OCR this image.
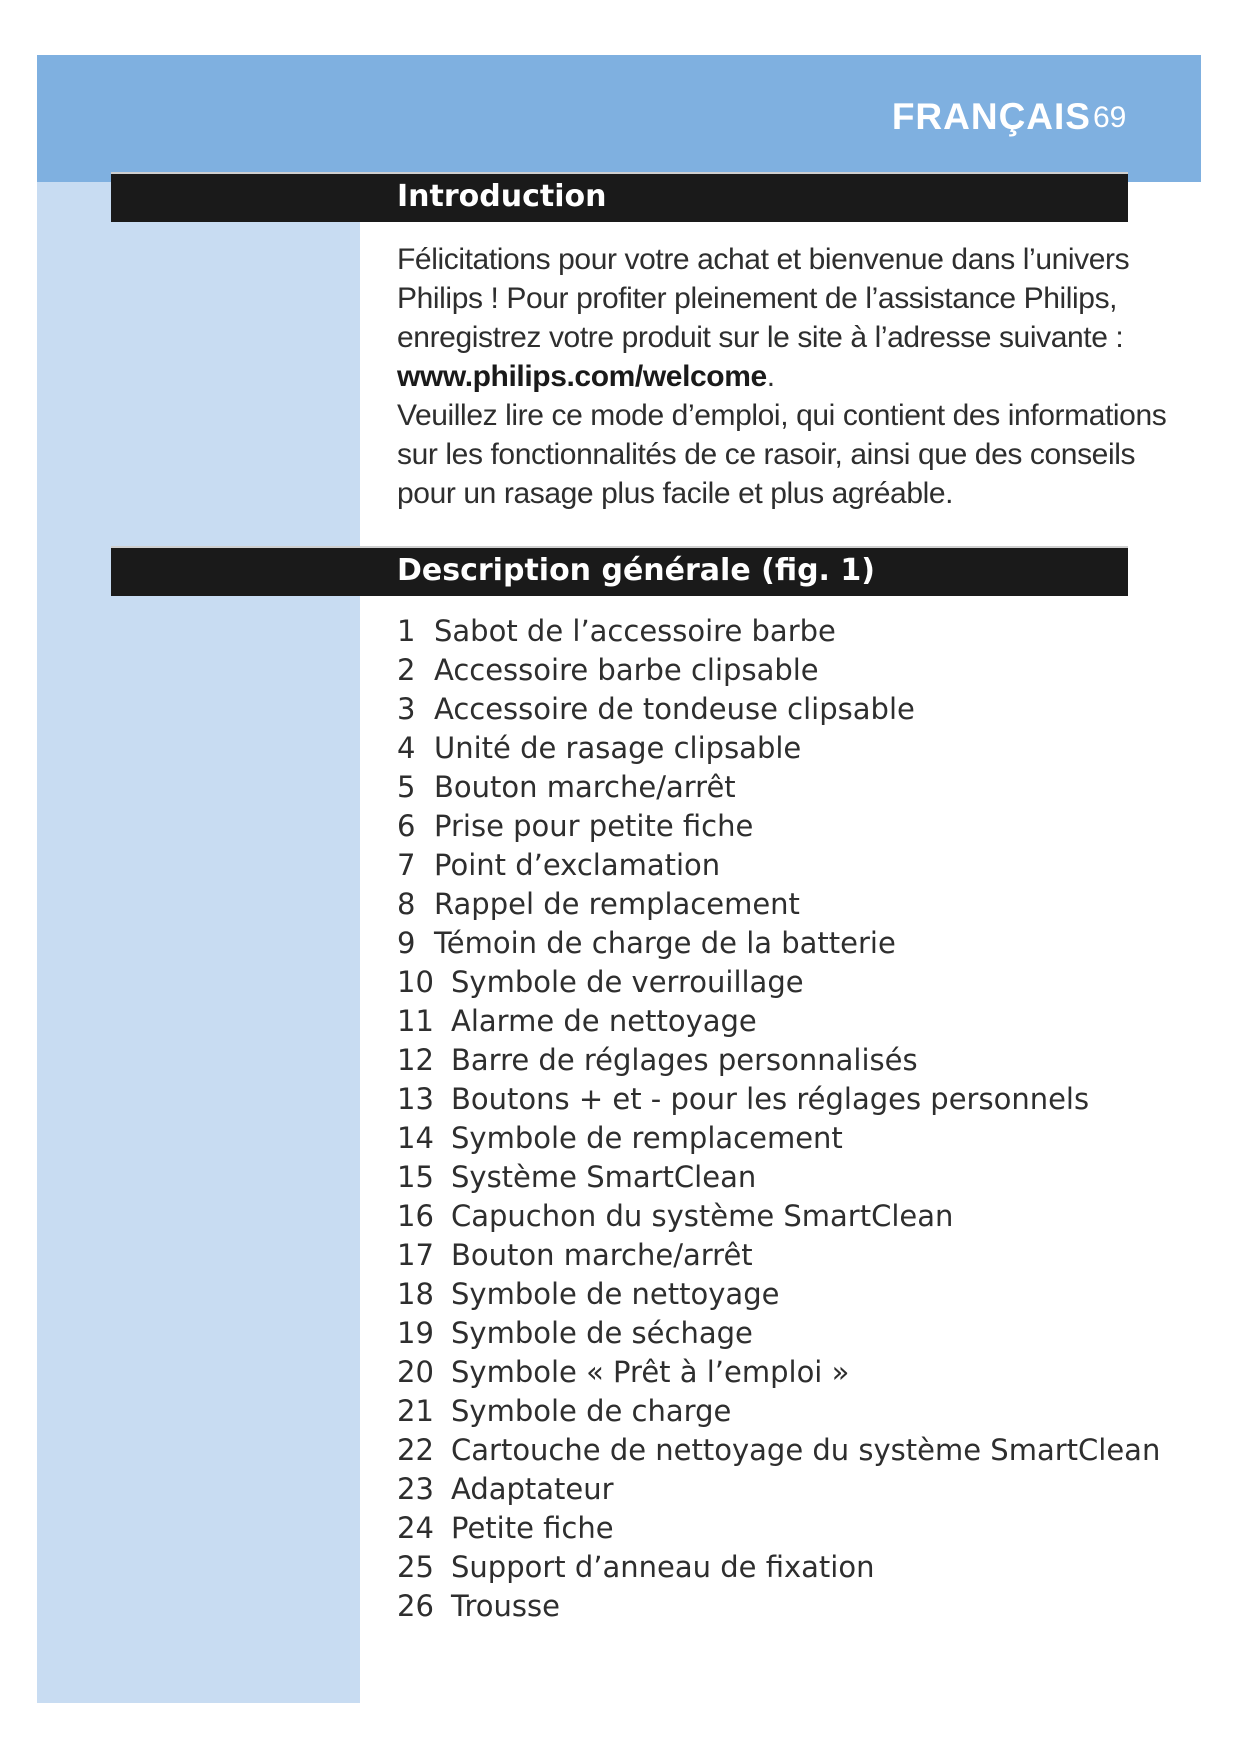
FRANÇAIS 69
Introduction

Félicitations pour votre achat et bienvenue dans l’univers Philips ! Pour profiter pleinement de l’assistance Philips, enregistrez votre produit sur le site à l’adresse suivante : www.philips.com/welcome.

Veuillez lire ce mode d’emploi, qui contient des informations sur les fonctionnalités de ce rasoir, ainsi que des conseils pour un rasage plus facile et plus agréable.

Description générale (fig. 1)
1 Sabot de l’accessoire barbe
2 Accessoire barbe clipsable
3 Accessoire de tondeuse clipsable
4 Unité de rasage clipsable
5 Bouton marche/arrêt
6 Prise pour petite fiche
7 Point d’exclamation
8 Rappel de remplacement
9 Témoin de charge de la batterie
10 Symbole de verrouillage
11 Alarme de nettoyage
12 Barre de réglages personnalisés
13 Boutons + et - pour les réglages personnels
14 Symbole de remplacement
15 Système SmartClean
16 Capuchon du système SmartClean
17 Bouton marche/arrêt
18 Symbole de nettoyage
19 Symbole de séchage
20 Symbole « Prêt à l’emploi »
21 Symbole de charge
22 Cartouche de nettoyage du système SmartClean
23 Adaptateur
24 Petite fiche
25 Support d’anneau de fixation
26 Trousse
